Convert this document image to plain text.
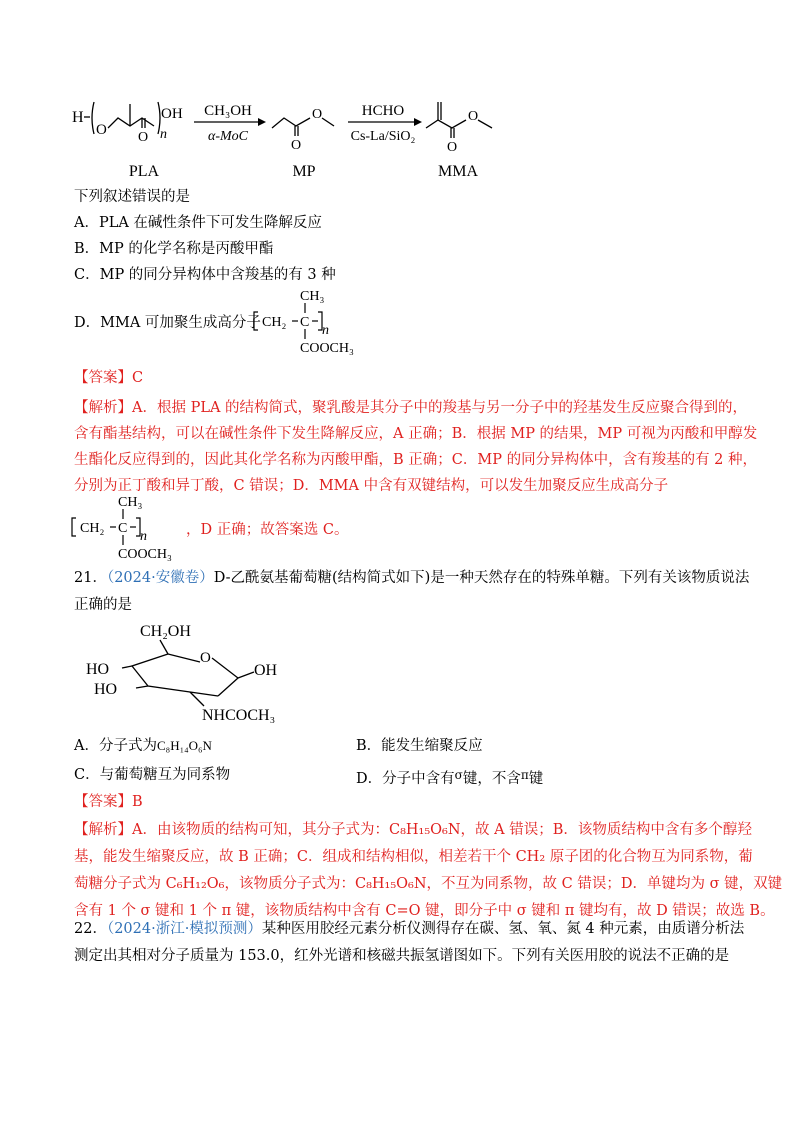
H
O O n
OH
PLA
CH₃OH
α-MoC
O
O
MP
HCHO
Cs-La/SiO₂
O
O
MMA
下列叙述错误的是
A．PLA 在碱性条件下可发生降解反应
B．MP 的化学名称是丙酸甲酯
C．MP 的同分异构体中含羧基的有 3 种
D．MMA 可加聚生成高分子 CH₂ C
CH₃
COOCH₃
n
【答案】C
【解析】A．根据 PLA 的结构简式，聚乳酸是其分子中的羧基与另一分子中的羟基发生反应聚合得到的，
含有酯基结构，可以在碱性条件下发生降解反应，A 正确；B．根据 MP 的结果，MP 可视为丙酸和甲醇发
生酯化反应得到的，因此其化学名称为丙酸甲酯，B 正确；C．MP 的同分异构体中，含有羧基的有 2 种，
分别为正丁酸和异丁酸，C 错误；D．MMA 中含有双键结构，可以发生加聚反应生成高分子
CH₂ C
CH₃
COOCH₃
n	，D 正确；故答案选 C。
21．（2024·安徽卷）D-乙酰氨基葡萄糖(结构简式如下)是一种天然存在的特殊单糖。下列有关该物质说法
正确的是
CH₂OH
O
OH
HO
HO
NHCOCH₃
A．分子式为C₈H₁₄O₆N	B．能发生缩聚反应
C．与葡萄糖互为同系物	D．分子中含有$^\sigma$键，不含$^\pi$键
【答案】B
【解析】A．由该物质的结构可知，其分子式为：C₈H₁₅O₆N，故 A 错误；B．该物质结构中含有多个醇羟
基，能发生缩聚反应，故 B 正确；C．组成和结构相似，相差若干个 CH₂ 原子团的化合物互为同系物，葡
萄糖分子式为 C₆H₁₂O₆，该物质分子式为：C₈H₁₅O₆N，不互为同系物，故 C 错误；D．单键均为 σ 键，双键
含有 1 个 σ 键和 1 个 π 键，该物质结构中含有 C=O 键，即分子中 σ 键和 π 键均有，故 D 错误；故选 B。
22．（2024·浙江·模拟预测）某种医用胶经元素分析仪测得存在碳、氢、氧、氮 4 种元素，由质谱分析法
测定出其相对分子质量为 153.0，红外光谱和核磁共振氢谱图如下。下列有关医用胶的说法不正确的是
